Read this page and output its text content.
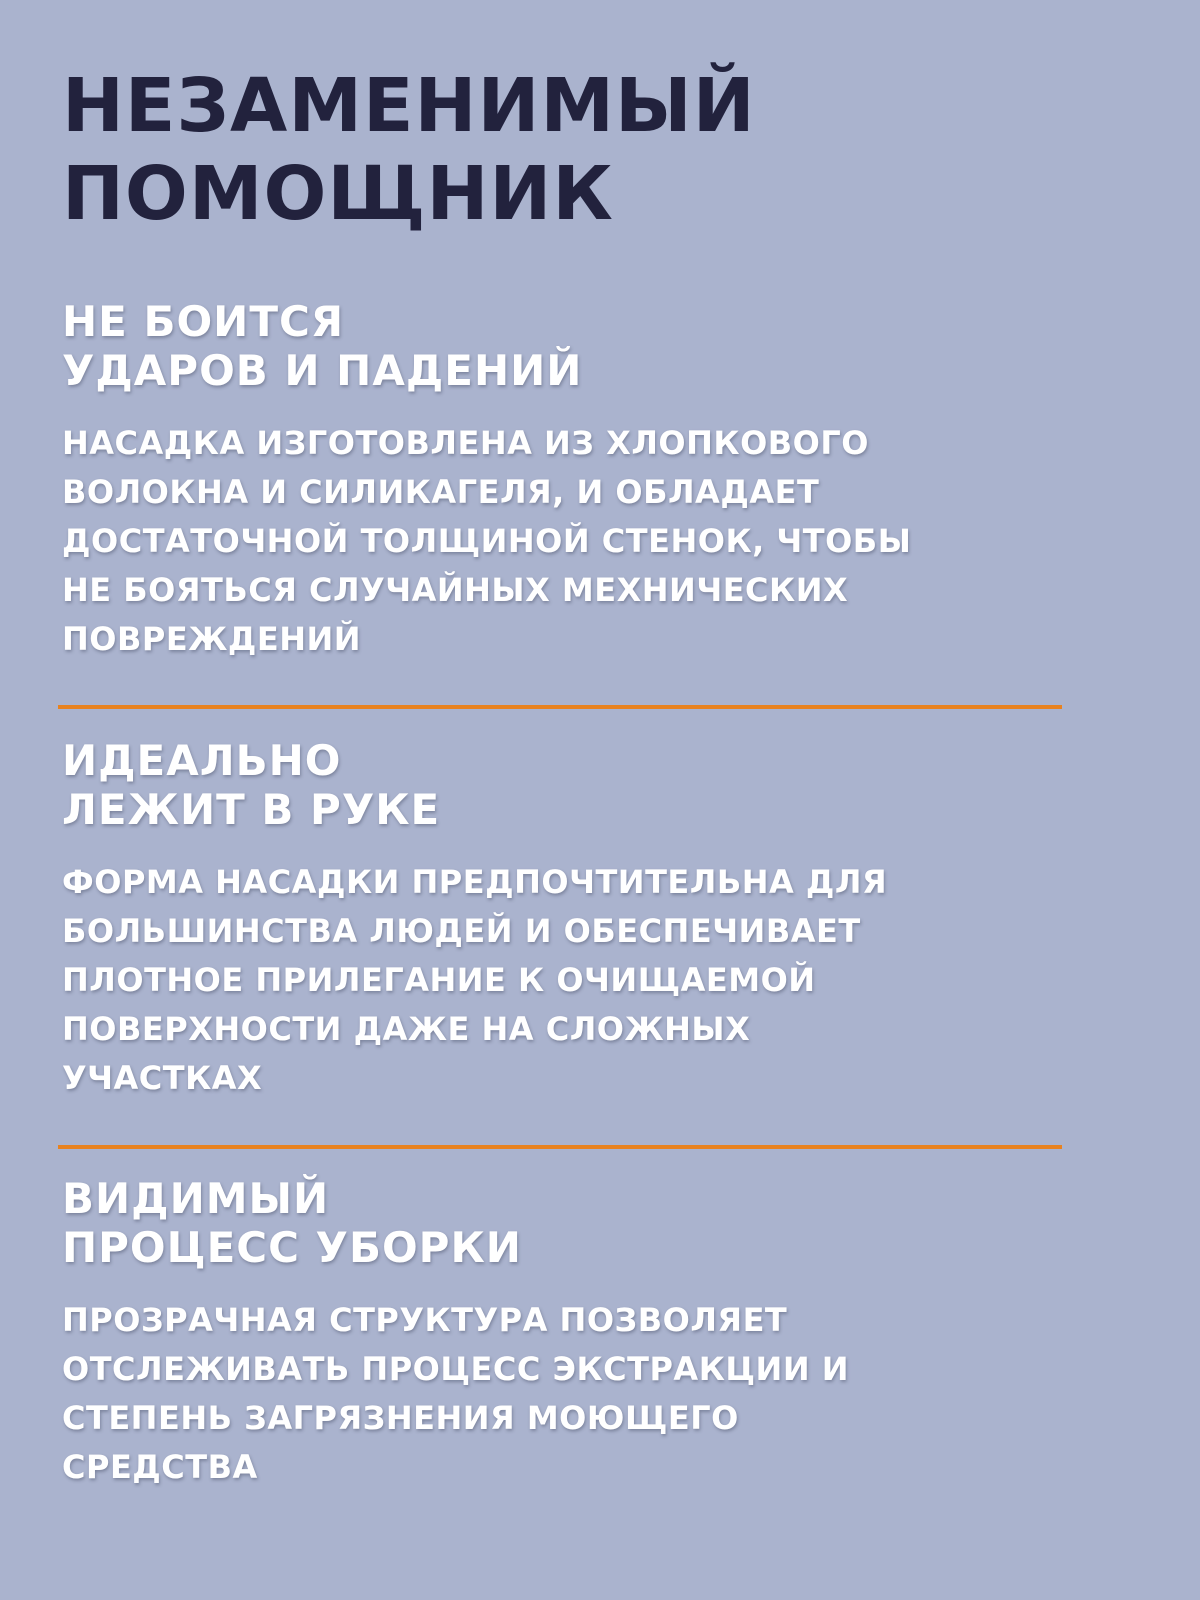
НЕЗАМЕНИМЫЙ
ПОМОЩНИК
НЕ БОИТСЯ
УДАРОВ И ПАДЕНИЙ

НАСАДКА ИЗГОТОВЛЕНА ИЗ ХЛОПКОВОГО
ВОЛОКНА И СИЛИКАГЕЛЯ, И ОБЛАДАЕТ
ДОСТАТОЧНОЙ ТОЛЩИНОЙ СТЕНОК, ЧТОБЫ
НЕ БОЯТЬСЯ СЛУЧАЙНЫХ МЕХНИЧЕСКИХ
ПОВРЕЖДЕНИЙ

ИДЕАЛЬНО
ЛЕЖИТ В РУКЕ

ФОРМА НАСАДКИ ПРЕДПОЧТИТЕЛЬНА ДЛЯ
БОЛЬШИНСТВА ЛЮДЕЙ И ОБЕСПЕЧИВАЕТ
ПЛОТНОЕ ПРИЛЕГАНИЕ К ОЧИЩАЕМОЙ
ПОВЕРХНОСТИ ДАЖЕ НА СЛОЖНЫХ
УЧАСТКАХ

ВИДИМЫЙ
ПРОЦЕСС УБОРКИ

ПРОЗРАЧНАЯ СТРУКТУРА ПОЗВОЛЯЕТ
ОТСЛЕЖИВАТЬ ПРОЦЕСС ЭКСТРАКЦИИ И
СТЕПЕНЬ ЗАГРЯЗНЕНИЯ МОЮЩЕГО
СРЕДСТВА
